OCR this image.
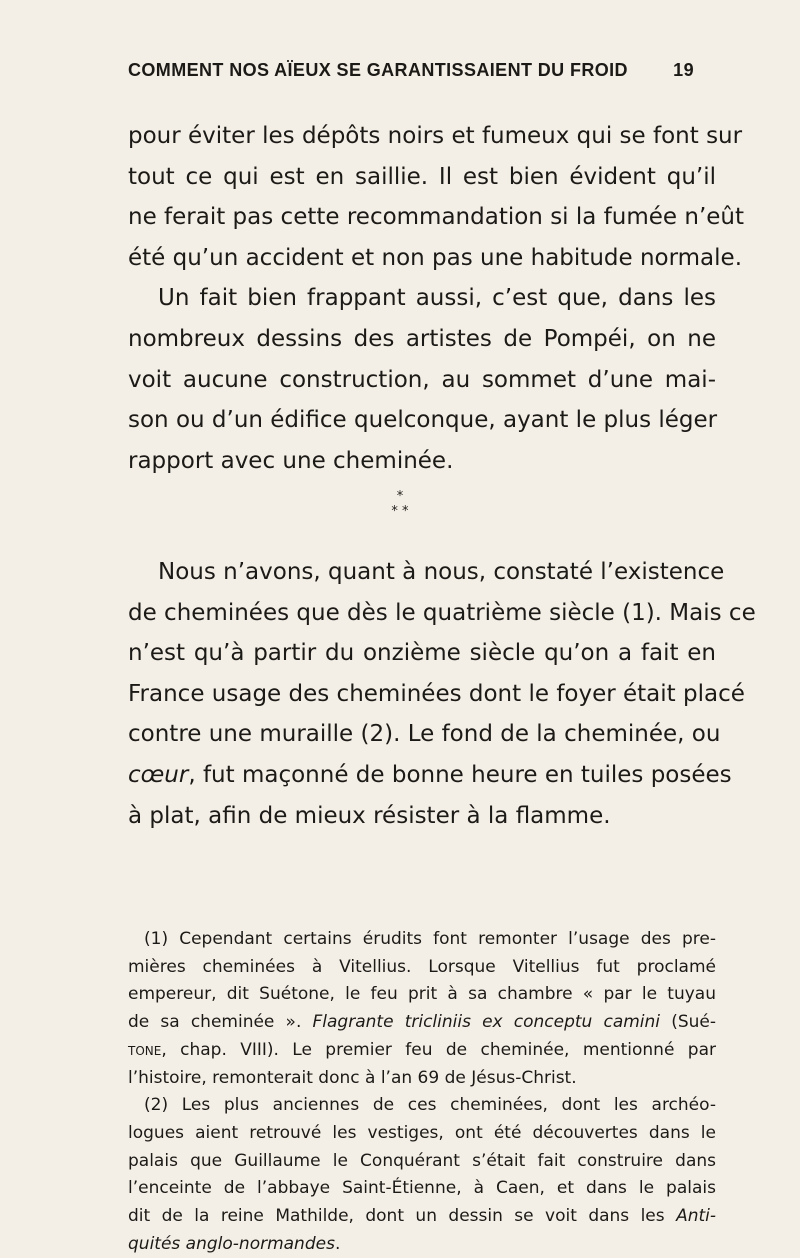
COMMENT NOS AÏEUX SE GARANTISSAIENT DU FROID	19

pour éviter les dépôts noirs et fumeux qui se font sur
tout ce qui est en saillie. Il est bien évident qu’il
ne ferait pas cette recommandation si la fumée n’eût
été qu’un accident et non pas une habitude normale.

Un fait bien frappant aussi, c’est que, dans les
nombreux dessins des artistes de Pompéi, on ne
voit aucune construction, au sommet d’une mai-
son ou d’un édifice quelconque, ayant le plus léger
rapport avec une cheminée.

*
* *

Nous n’avons, quant à nous, constaté l’existence
de cheminées que dès le quatrième siècle (1). Mais ce
n’est qu’à partir du onzième siècle qu’on a fait en
France usage des cheminées dont le foyer était placé
contre une muraille (2). Le fond de la cheminée, ou
cœur, fut maçonné de bonne heure en tuiles posées
à plat, afin de mieux résister à la flamme.

(1) Cependant certains érudits font remonter l’usage des pre-
mières cheminées à Vitellius. Lorsque Vitellius fut proclamé
empereur, dit Suétone, le feu prit à sa chambre « par le tuyau
de sa cheminée ». Flagrante tricliniis ex conceptu camini (Sué-
tone, chap. VIII). Le premier feu de cheminée, mentionné par
l’histoire, remonterait donc à l’an 69 de Jésus-Christ.
(2) Les plus anciennes de ces cheminées, dont les archéo-
logues aient retrouvé les vestiges, ont été découvertes dans le
palais que Guillaume le Conquérant s’était fait construire dans
l’enceinte de l’abbaye Saint-Étienne, à Caen, et dans le palais
dit de la reine Mathilde, dont un dessin se voit dans les Anti-
quités anglo-normandes.
